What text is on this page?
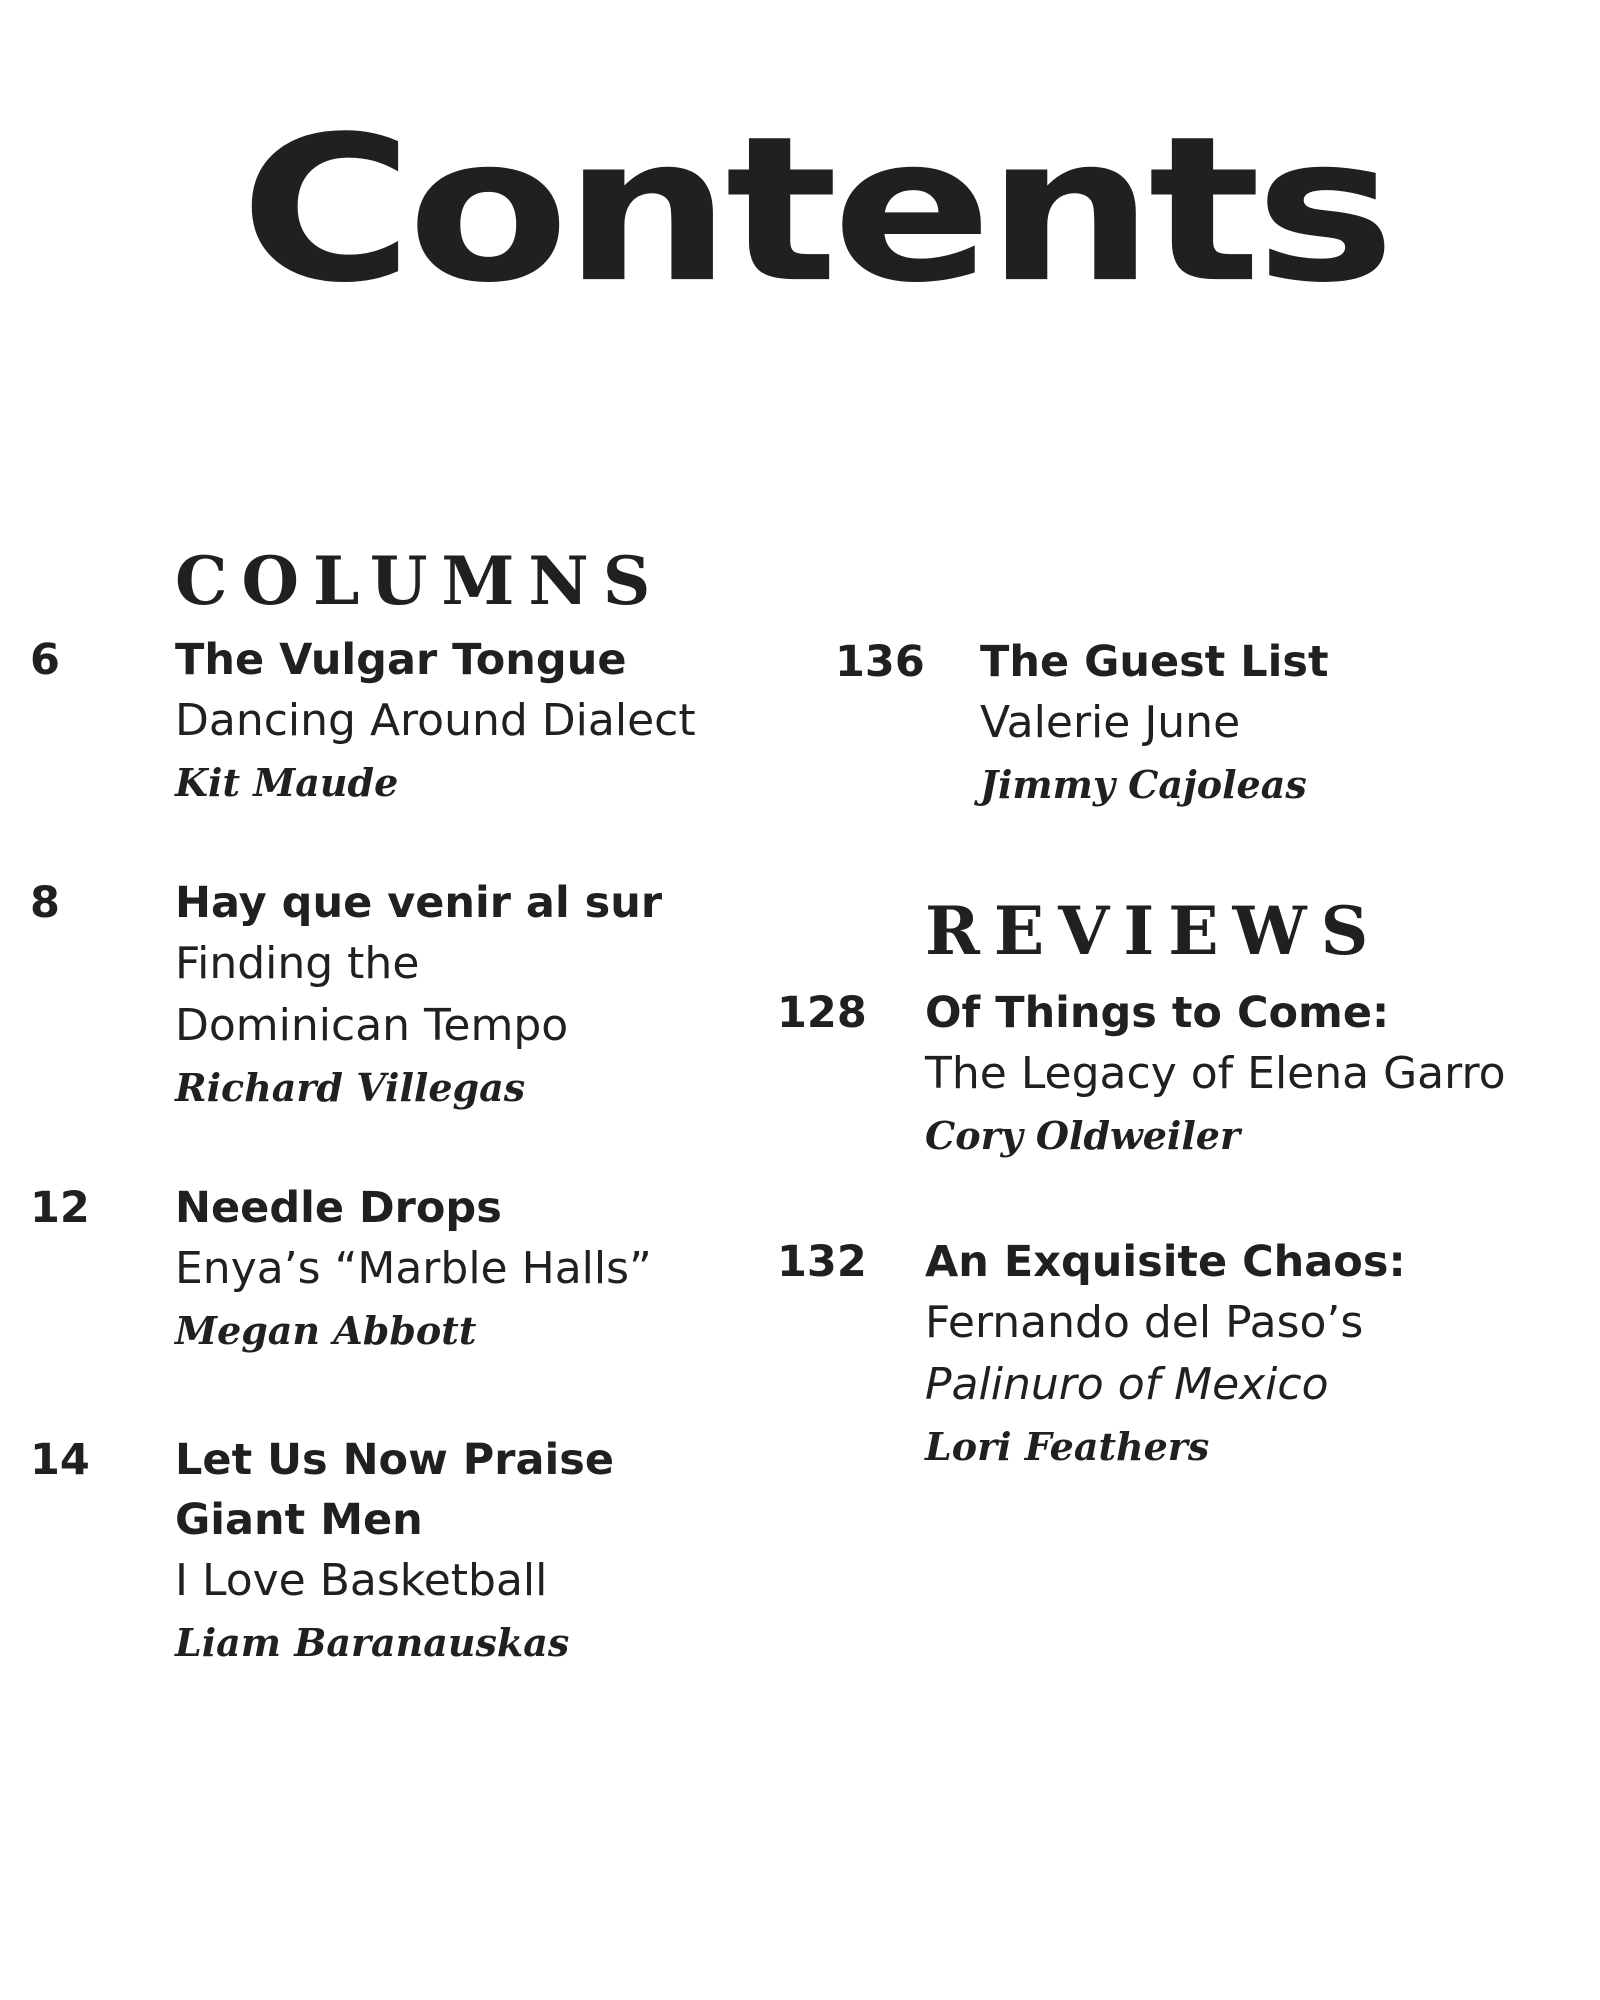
Contents
COLUMNS
6	The Vulgar Tongue
Dancing Around Dialect
Kit Maude
8	Hay que venir al sur
Finding the
Dominican Tempo
Richard Villegas
12 Needle Drops
Enya’s “Marble Halls”
Megan Abbott
14 Let Us Now Praise
Giant Men
I Love Basketball
Liam Baranauskas
136 The Guest List
Valerie June
Jimmy Cajoleas
REVIEWS
128 Of Things to Come:
The Legacy of Elena Garro
Cory Oldweiler
132 An Exquisite Chaos:
Fernando del Paso’s
Palinuro of Mexico
Lori Feathers
